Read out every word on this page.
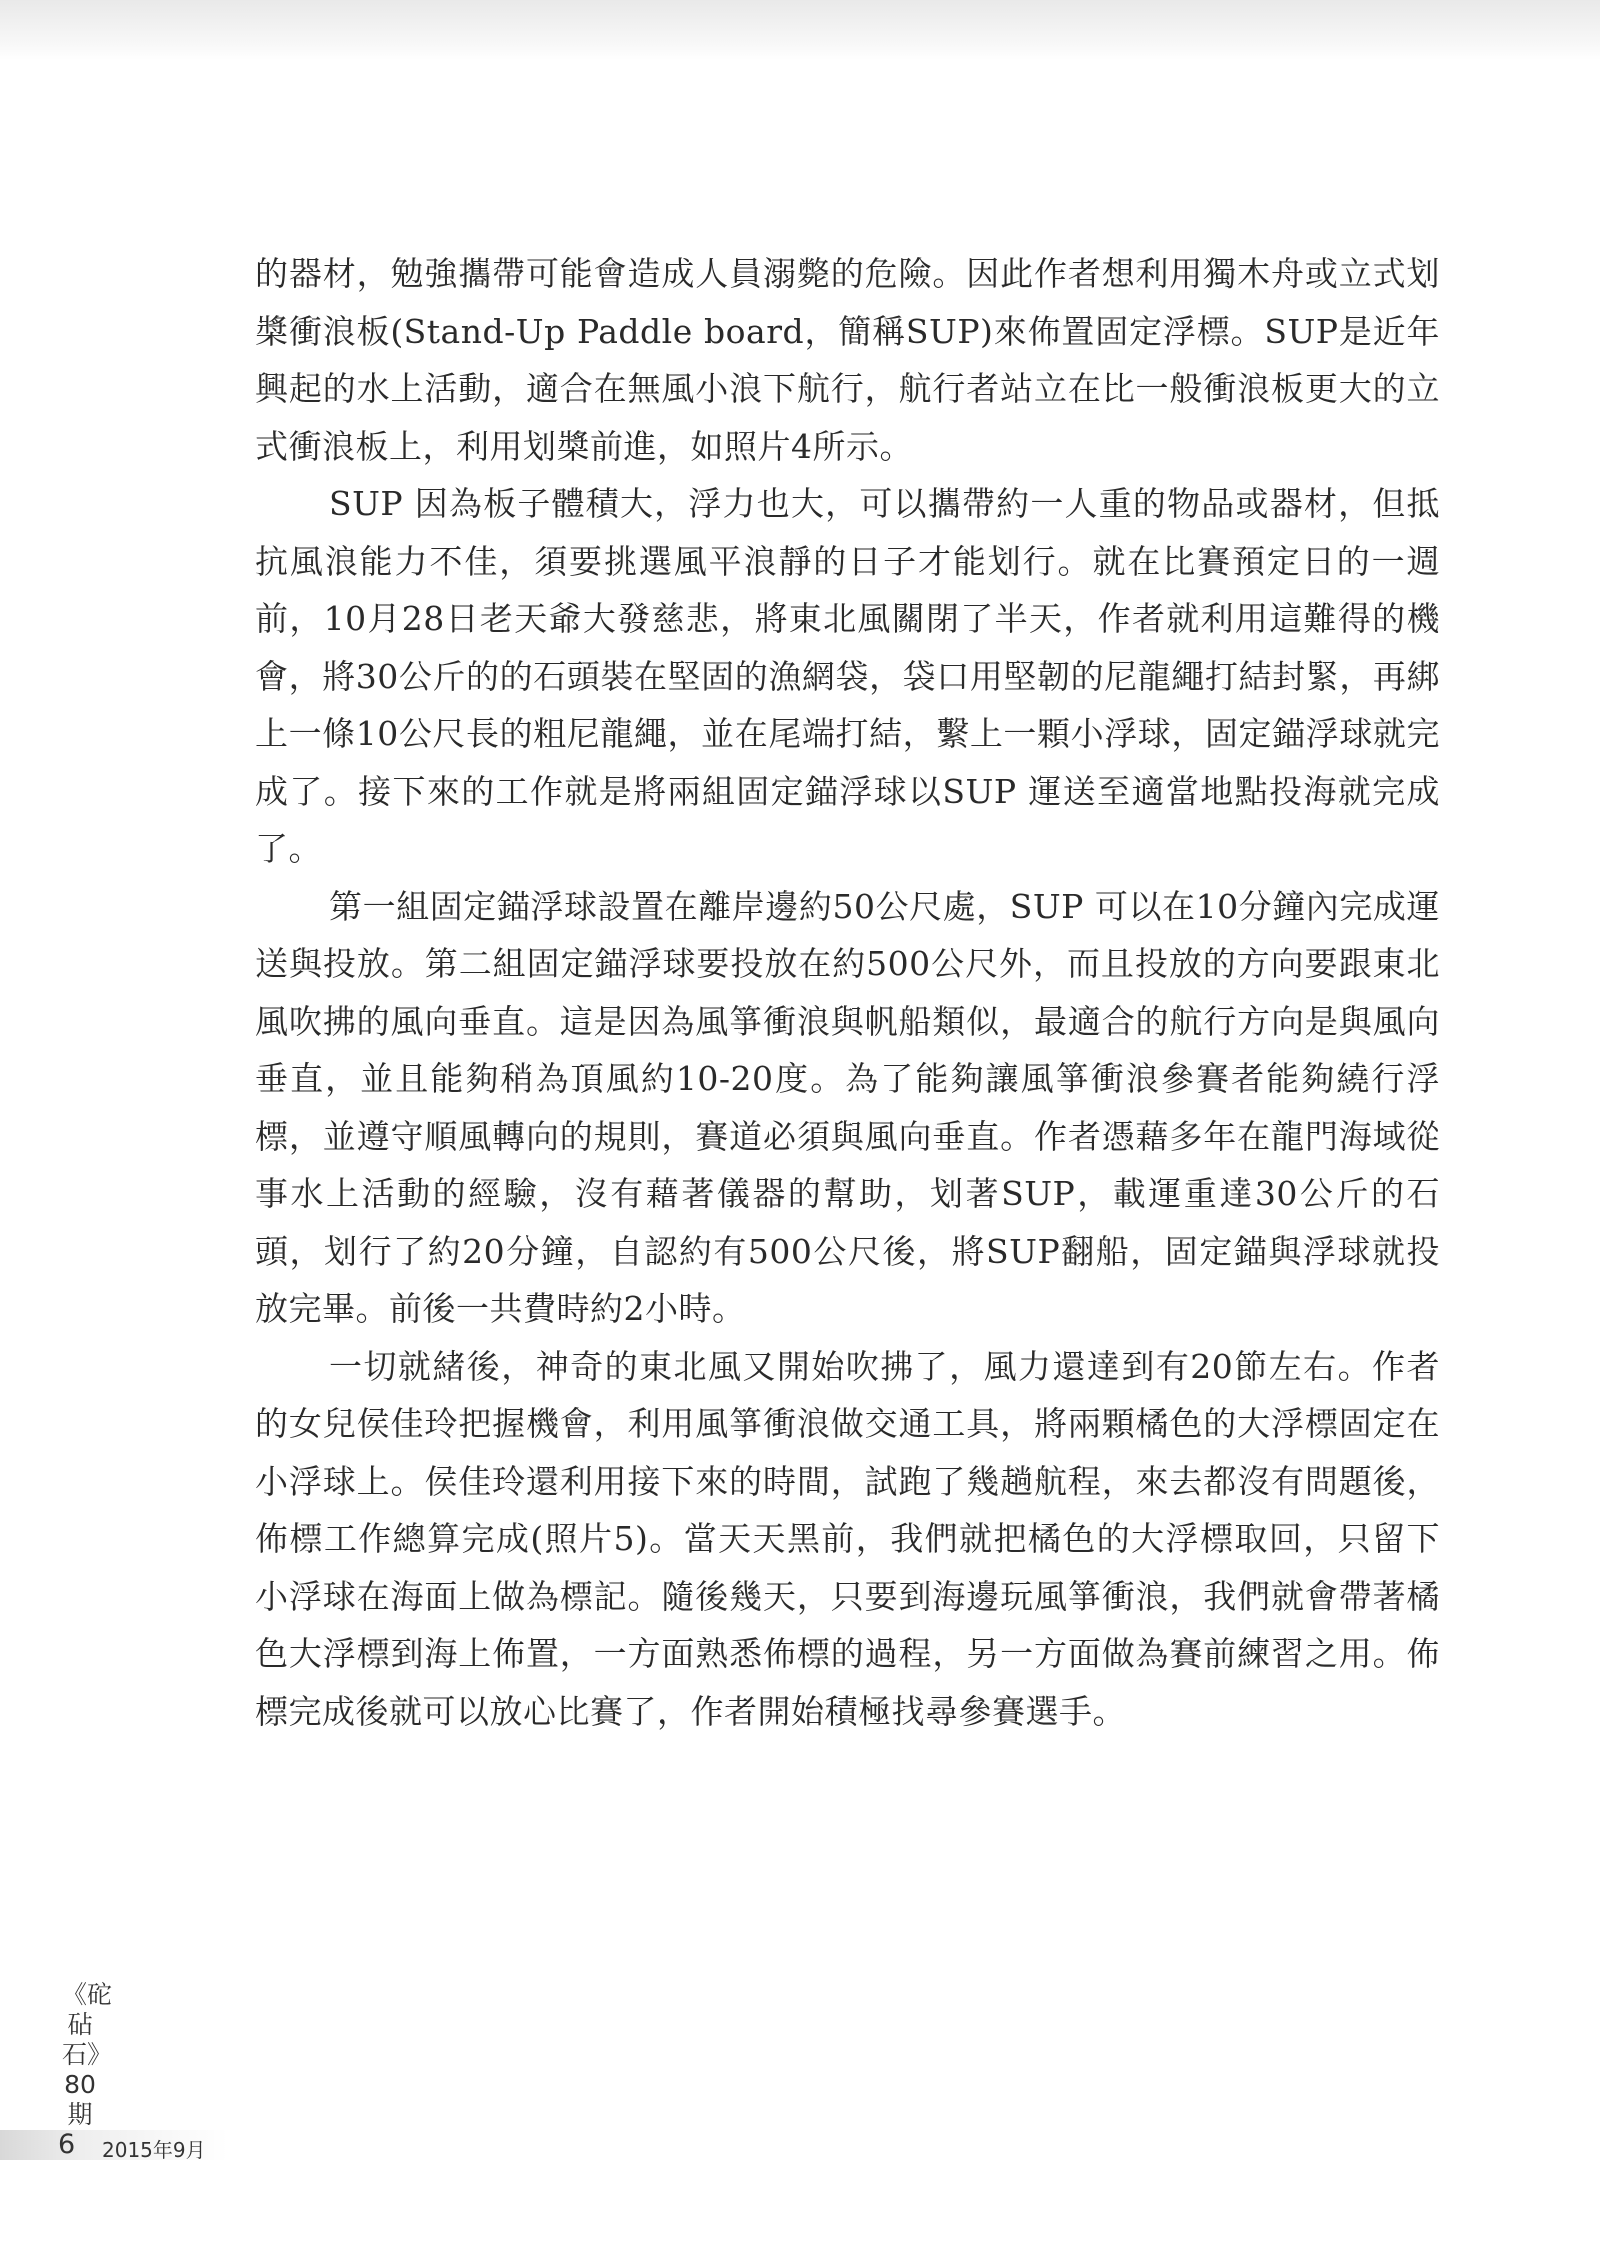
的器材，勉強攜帶可能會造成人員溺斃的危險。因此作者想利用獨木舟或立式划槳衝浪板(Stand-Up Paddle board，簡稱SUP)來佈置固定浮標。SUP是近年興起的水上活動，適合在無風小浪下航行，航行者站立在比一般衝浪板更大的立式衝浪板上，利用划槳前進，如照片4所示。

SUP 因為板子體積大，浮力也大，可以攜帶約一人重的物品或器材，但抵抗風浪能力不佳，須要挑選風平浪靜的日子才能划行。就在比賽預定日的一週前，10月28日老天爺大發慈悲，將東北風關閉了半天，作者就利用這難得的機會，將30公斤的的石頭裝在堅固的漁網袋，袋口用堅韌的尼龍繩打結封緊，再綁上一條10公尺長的粗尼龍繩，並在尾端打結，繫上一顆小浮球，固定錨浮球就完成了。接下來的工作就是將兩組固定錨浮球以SUP 運送至適當地點投海就完成了。

第一組固定錨浮球設置在離岸邊約50公尺處，SUP 可以在10分鐘內完成運送與投放。第二組固定錨浮球要投放在約500公尺外，而且投放的方向要跟東北風吹拂的風向垂直。這是因為風箏衝浪與帆船類似，最適合的航行方向是與風向垂直，並且能夠稍為頂風約10-20度。為了能夠讓風箏衝浪參賽者能夠繞行浮標，並遵守順風轉向的規則，賽道必須與風向垂直。作者憑藉多年在龍門海域從事水上活動的經驗，沒有藉著儀器的幫助，划著SUP，載運重達30公斤的石頭，划行了約20分鐘，自認約有500公尺後，將SUP翻船，固定錨與浮球就投放完畢。前後一共費時約2小時。

一切就緒後，神奇的東北風又開始吹拂了，風力還達到有20節左右。作者的女兒侯佳玲把握機會，利用風箏衝浪做交通工具，將兩顆橘色的大浮標固定在小浮球上。侯佳玲還利用接下來的時間，試跑了幾趟航程，來去都沒有問題後，佈標工作總算完成(照片5)。當天天黑前，我們就把橘色的大浮標取回，只留下小浮球在海面上做為標記。隨後幾天，只要到海邊玩風箏衝浪，我們就會帶著橘色大浮標到海上佈置，一方面熟悉佈標的過程，另一方面做為賽前練習之用。佈標完成後就可以放心比賽了，作者開始積極找尋參賽選手。

《砣砧石》80期
6 2015年9月
